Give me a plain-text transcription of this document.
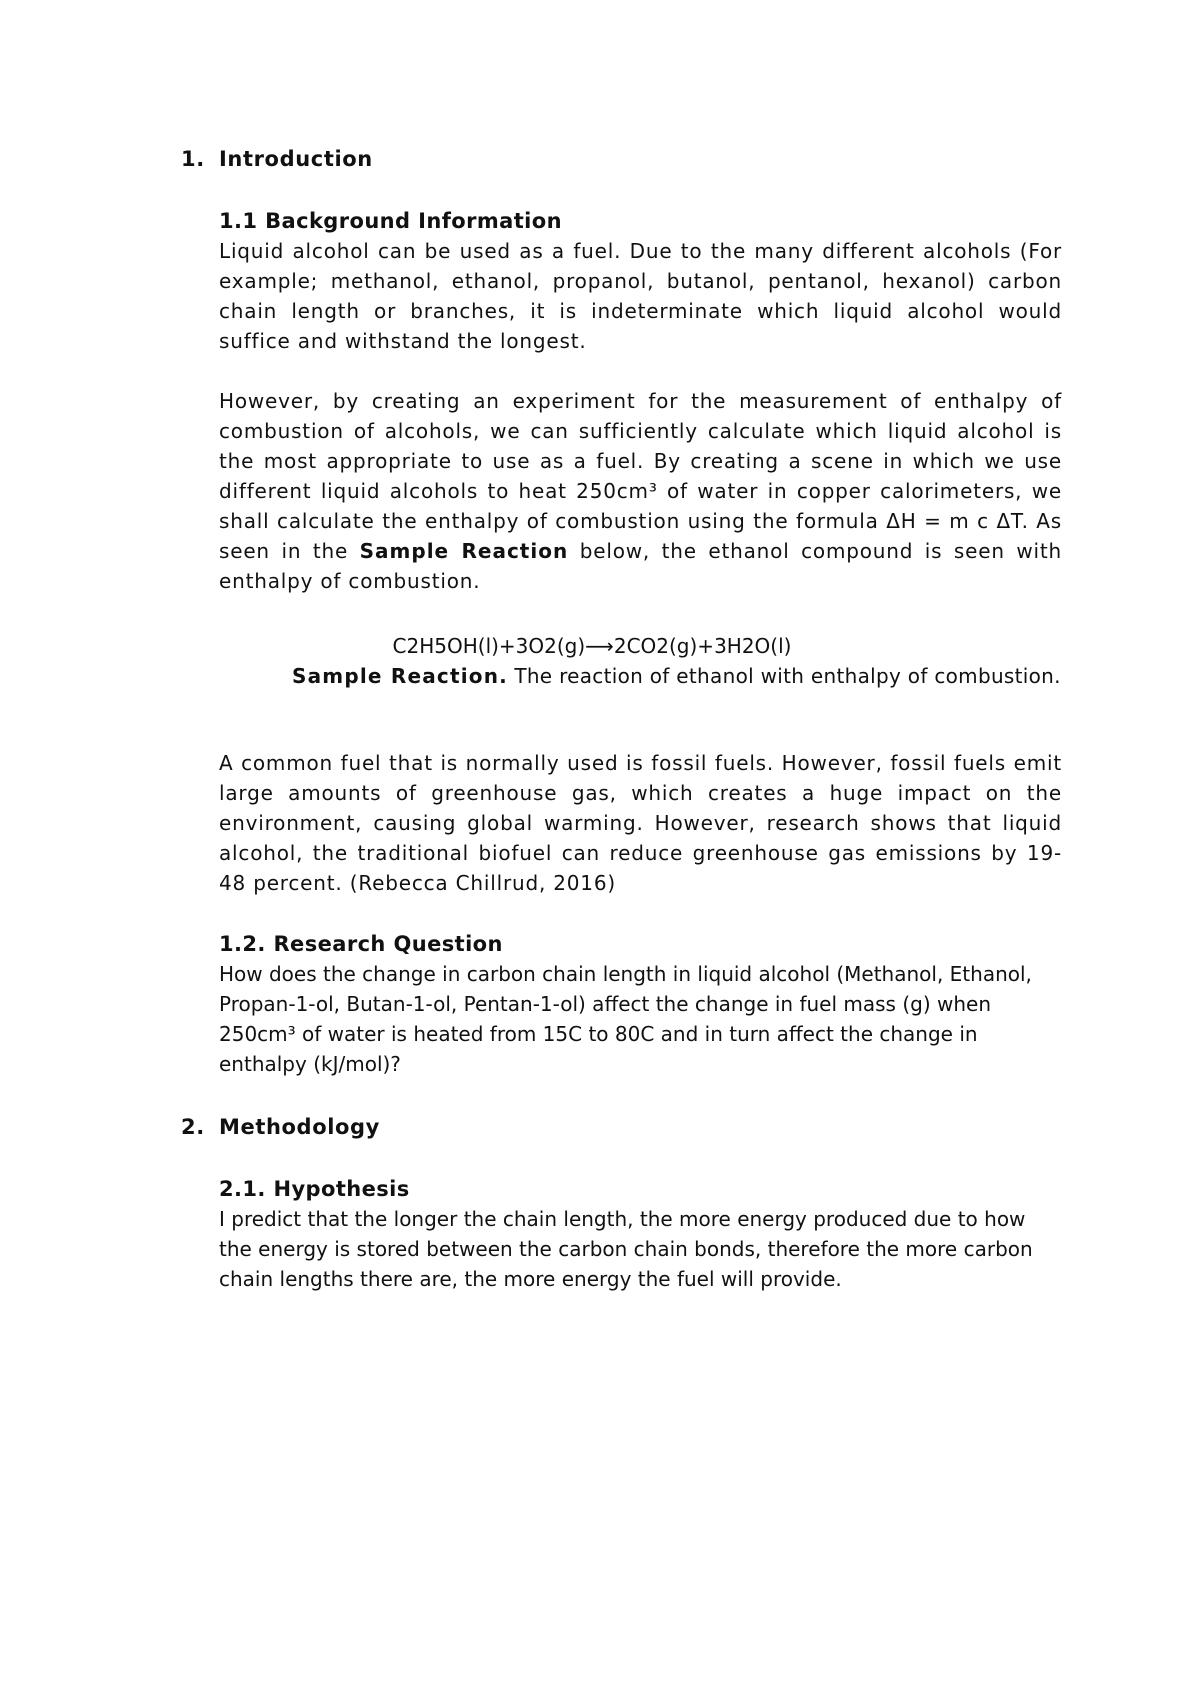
1. Introduction
1.1 Background Information

Liquid alcohol can be used as a fuel. Due to the many different alcohols (For example; methanol, ethanol, propanol, butanol, pentanol, hexanol) carbon chain length or branches, it is indeterminate which liquid alcohol would suffice and withstand the longest.

However, by creating an experiment for the measurement of enthalpy of combustion of alcohols, we can sufficiently calculate which liquid alcohol is the most appropriate to use as a fuel. By creating a scene in which we use different liquid alcohols to heat 250cm³ of water in copper calorimeters, we shall calculate the enthalpy of combustion using the formula ΔH = m c ΔT. As seen in the Sample Reaction below, the ethanol compound is seen with enthalpy of combustion.

C2H5OH(l)+3O2(g)⟶2CO2(g)+3H2O(l)

Sample Reaction. The reaction of ethanol with enthalpy of combustion.

A common fuel that is normally used is fossil fuels. However, fossil fuels emit large amounts of greenhouse gas, which creates a huge impact on the environment, causing global warming. However, research shows that liquid alcohol, the traditional biofuel can reduce greenhouse gas emissions by 19-48 percent. (Rebecca Chillrud, 2016)

1.2. Research Question

How does the change in carbon chain length in liquid alcohol (Methanol, Ethanol, Propan-1-ol, Butan-1-ol, Pentan-1-ol) affect the change in fuel mass (g) when 250cm³ of water is heated from 15C to 80C and in turn affect the change in enthalpy (kJ/mol)?

2. Methodology
2.1. Hypothesis

I predict that the longer the chain length, the more energy produced due to how the energy is stored between the carbon chain bonds, therefore the more carbon chain lengths there are, the more energy the fuel will provide.
